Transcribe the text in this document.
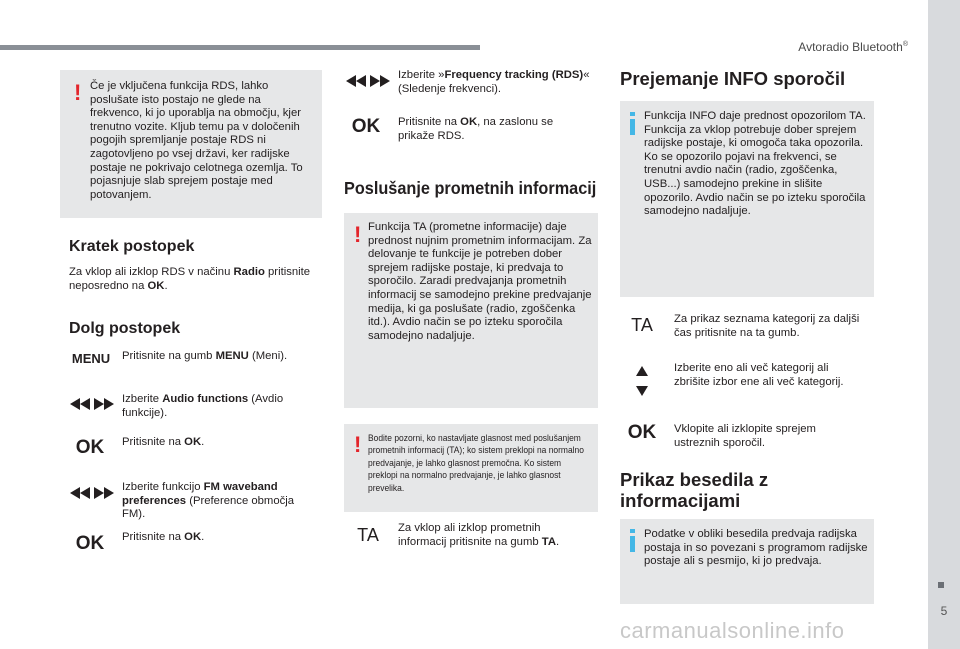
Avtoradio Bluetooth®
5
carmanualsonline.info
! Če je vključena funkcija RDS, lahko poslušate isto postajo ne glede na frekvenco, ki jo uporablja na območju, kjer trenutno vozite. Kljub temu pa v določenih pogojih spremljanje postaje RDS ni zagotovljeno po vsej državi, ker radijske postaje ne pokrivajo celotnega ozemlja. To pojasnjuje slab sprejem postaje med potovanjem.

Kratek postopek

Za vklop ali izklop RDS v načinu Radio pritisnite neposredno na OK.

Dolg postopek
MENU	Pritisnite na gumb MENU (Meni).

Izberite Audio functions (Avdio funkcije).

OK	Pritisnite na OK.

Izberite funkcijo FM waveband preferences (Preference območja FM).

OK	Pritisnite na OK.

Izberite »Frequency tracking (RDS)« (Sledenje frekvenci).

OK	Pritisnite na OK, na zaslonu se prikaže RDS.

Poslušanje prometnih informacij
! Funkcija TA (prometne informacije) daje prednost nujnim prometnim informacijam. Za delovanje te funkcije je potreben dober sprejem radijske postaje, ki predvaja to sporočilo. Zaradi predvajanja prometnih informacij se samodejno prekine predvajanje medija, ki ga poslušate (radio, zgoščenka itd.). Avdio način se po izteku sporočila samodejno nadaljuje.

! Bodite pozorni, ko nastavljate glasnost med poslušanjem prometnih informacij (TA); ko sistem preklopi na normalno predvajanje, je lahko glasnost premočna. Ko sistem preklopi na normalno predvajanje, je lahko glasnost prevelika.

TA	Za vklop ali izklop prometnih informacij pritisnite na gumb TA.

Prejemanje INFO sporočil

Funkcija INFO daje prednost opozorilom TA. Funkcija za vklop potrebuje dober sprejem radijske postaje, ki omogoča taka opozorila. Ko se opozorilo pojavi na frekvenci, se trenutni avdio način (radio, zgoščenka, USB...) samodejno prekine in slišite opozorilo. Avdio način se po izteku sporočila samodejno nadaljuje.

TA	Za prikaz seznama kategorij za daljši čas pritisnite na ta gumb.

Izberite eno ali več kategorij ali zbrišite izbor ene ali več kategorij.

OK	Vklopite ali izklopite sprejem ustreznih sporočil.

Prikaz besedila z
informacijami

Podatke v obliki besedila predvaja radijska postaja in so povezani s programom radijske postaje ali s pesmijo, ki jo predvaja.
